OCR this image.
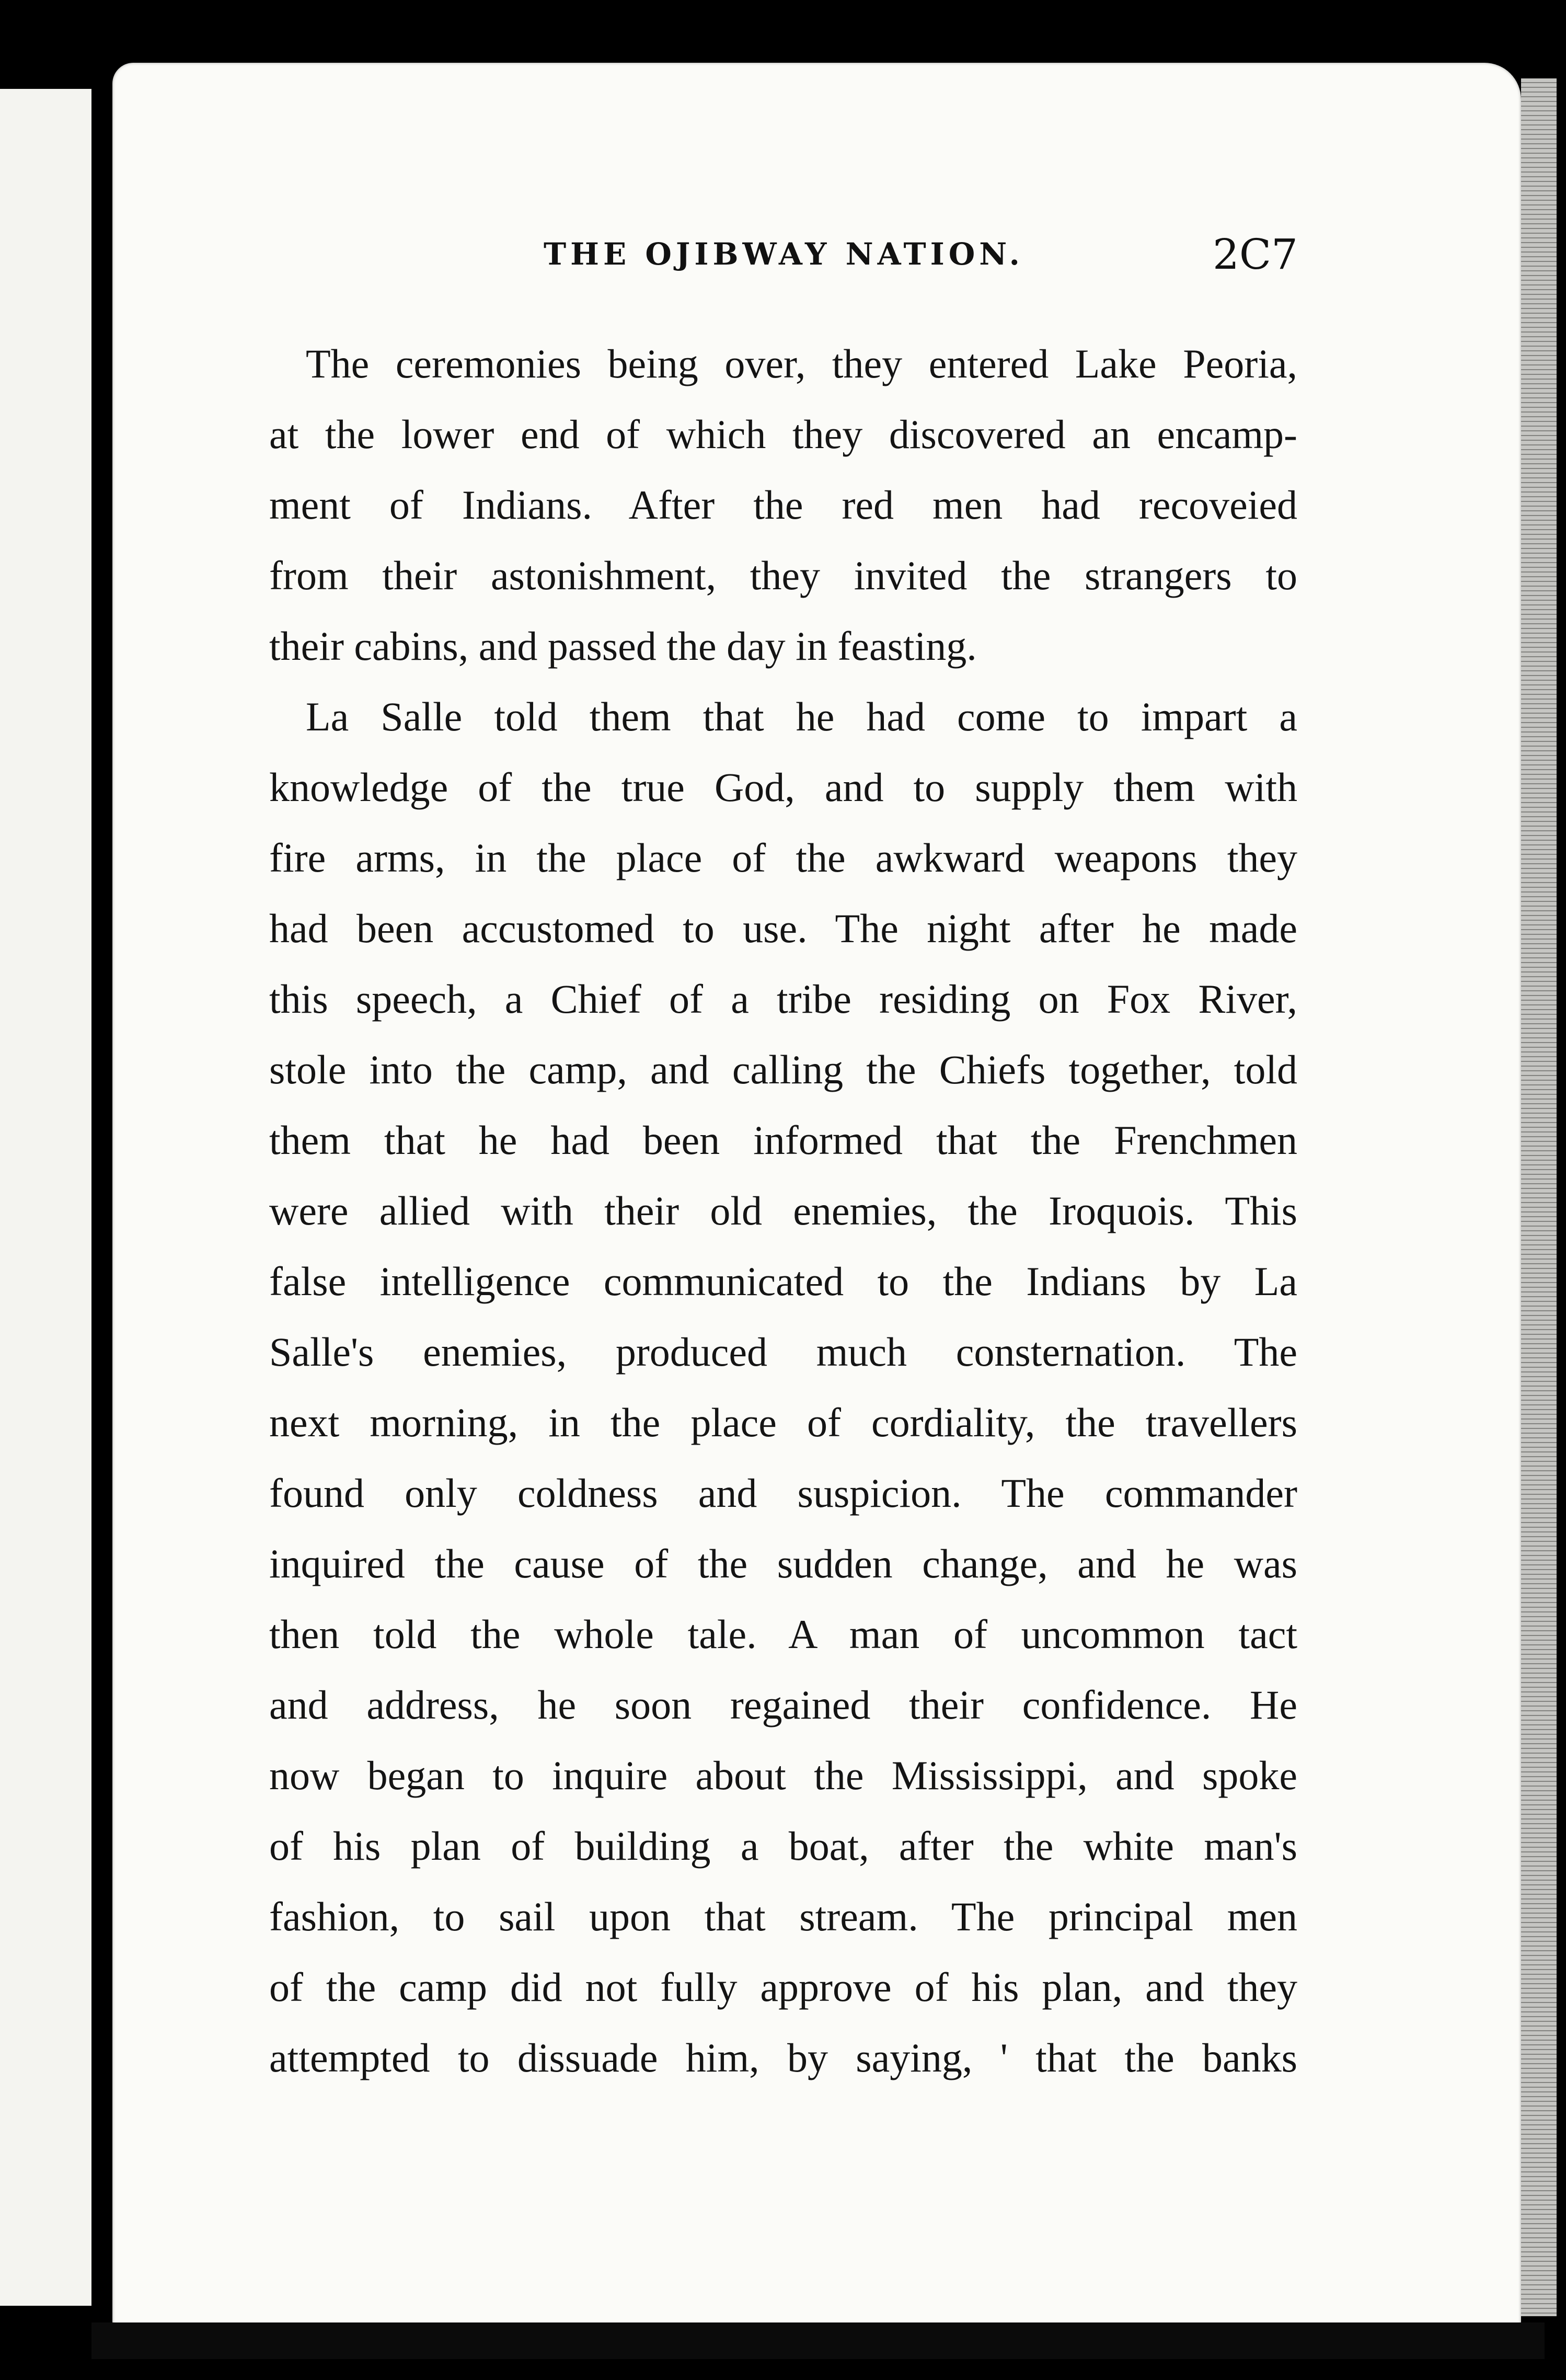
THE OJIBWAY NATION.	2C7
The ceremonies being over, they entered Lake Peoria,
at the lower end of which they discovered an encamp-
ment of Indians. After the red men had recoveied
from their astonishment, they invited the strangers to
their cabins, and passed the day in feasting.
La Salle told them that he had come to impart a
knowledge of the true God, and to supply them with
fire arms, in the place of the awkward weapons they
had been accustomed to use. The night after he made
this speech, a Chief of a tribe residing on Fox River,
stole into the camp, and calling the Chiefs together, told
them that he had been informed that the Frenchmen
were allied with their old enemies, the Iroquois. This
false intelligence communicated to the Indians by La
Salle's enemies, produced much consternation. The
next morning, in the place of cordiality, the travellers
found only coldness and suspicion. The commander
inquired the cause of the sudden change, and he was
then told the whole tale. A man of uncommon tact
and address, he soon regained their confidence. He
now began to inquire about the Mississippi, and spoke
of his plan of building a boat, after the white man's
fashion, to sail upon that stream. The principal men
of the camp did not fully approve of his plan, and they
attempted to dissuade him, by saying, ' that the banks
